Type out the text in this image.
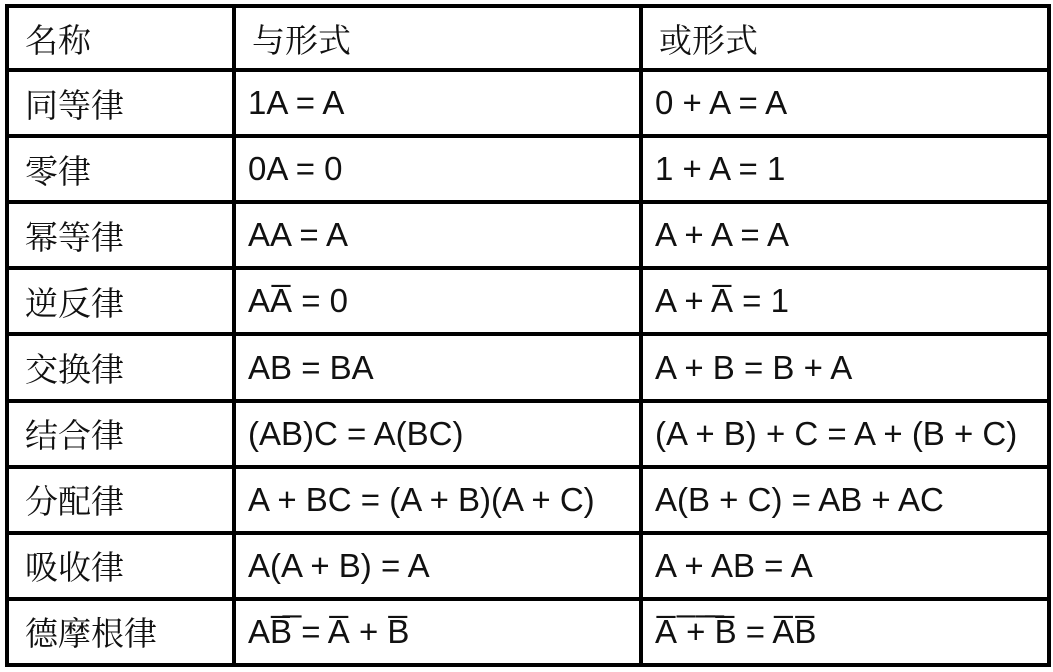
名称	与形式	或形式
同等律	1A = A	0 + A = A
零律	0A = 0	1 + A = 1
幂等律	AA = A	A + A = A
逆反律	AA̅ = 0	A + A̅ = 1
交换律	AB = BA	A + B = B + A
结合律	(AB)C = A(BC)	(A + B) + C = A + (B + C)
分配律	A + BC = (A + B)(A + C)	A(B + C) = AB + AC
吸收律	A(A + B) = A	A + AB = A
德摩根律	AB̅̅ = A̅ + B̅	A̅ ̅+̅ ̅B̅ = A̅B̅
